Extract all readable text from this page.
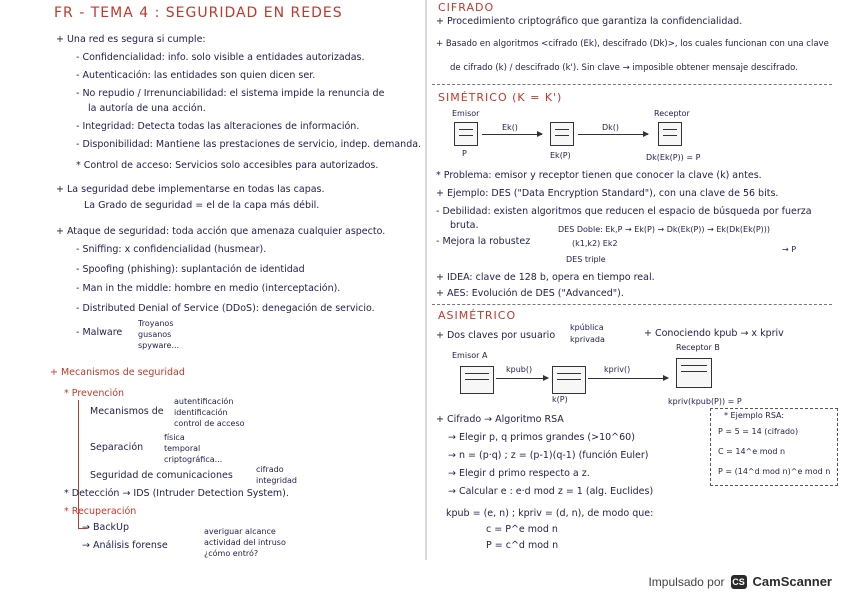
FR - TEMA 4 : SEGURIDAD EN REDES
+ Una red es segura si cumple:
- Confidencialidad: info. solo visible a entidades autorizadas.
- Autenticación: las entidades son quien dicen ser.
- No repudio / Irrenunciabilidad: el sistema impide la renuncia de
la autoría de una acción.
- Integridad: Detecta todas las alteraciones de información.
- Disponibilidad: Mantiene las prestaciones de servicio, indep. demanda.
* Control de acceso: Servicios solo accesibles para autorizados.
+ La seguridad debe implementarse en todas las capas.
La Grado de seguridad = el de la capa más débil.
+ Ataque de seguridad: toda acción que amenaza cualquier aspecto.
- Sniffing: x confidencialidad (husmear).
- Spoofing (phishing): suplantación de identidad
- Man in the middle: hombre en medio (interceptación).
- Distributed Denial of Service (DDoS): denegación de servicio.
- Malware
Troyanos
gusanos
spyware...
+ Mecanismos de seguridad
* Prevención
Mecanismos de
autentificación
identificación
control de acceso
Separación
física
temporal
criptográfica...
Seguridad de comunicaciones
cifrado
integridad
* Detección → IDS (Intruder Detection System).
* Recuperación
→ BackUp
→ Análisis forense
averiguar alcance
actividad del intruso
¿cómo entró?
CIFRADO
+ Procedimiento criptográfico que garantiza la confidencialidad.
+ Basado en algoritmos <cifrado (Ek), descifrado (Dk)>, los cuales funcionan con una clave
de cifrado (k) / descifrado (k'). Sin clave → imposible obtener mensaje descifrado.
SIMÉTRICO (K = K')
Emisor
P
Ek()
Ek(P)
Dk()
Receptor
Dk(Ek(P)) = P
* Problema: emisor y receptor tienen que conocer la clave (k) antes.
+ Ejemplo: DES ("Data Encryption Standard"), con una clave de 56 bits.
- Debilidad: existen algoritmos que reducen el espacio de búsqueda por fuerza
bruta.
- Mejora la robustez
DES Doble: Ek,P → Ek(P) → Dk(Ek(P)) → Ek(Dk(Ek(P)))
(k1,k2) Ek2
→ P
DES triple
+ IDEA: clave de 128 b, opera en tiempo real.
+ AES: Evolución de DES ("Advanced").
ASIMÉTRICO
+ Dos claves por usuario
kpública
kprivada
+ Conociendo kpub → x kpriv
Emisor A
kpub()
k(P)
kpriv()
Receptor B
kpriv(kpub(P)) = P
+ Cifrado → Algoritmo RSA
→ Elegir p, q primos grandes (>10^60)
→ n = (p·q) ; z = (p-1)(q-1) (función Euler)
→ Elegir d primo respecto a z.
→ Calcular e : e·d mod z = 1 (alg. Euclides)
kpub = (e, n) ; kpriv = (d, n), de modo que:
c = P^e mod n
P = c^d mod n
* Ejemplo RSA:
P = 5 = 14 (cifrado)
C = 14^e mod n
P = (14^d mod n)^e mod n
Impulsado por CS CamScanner
